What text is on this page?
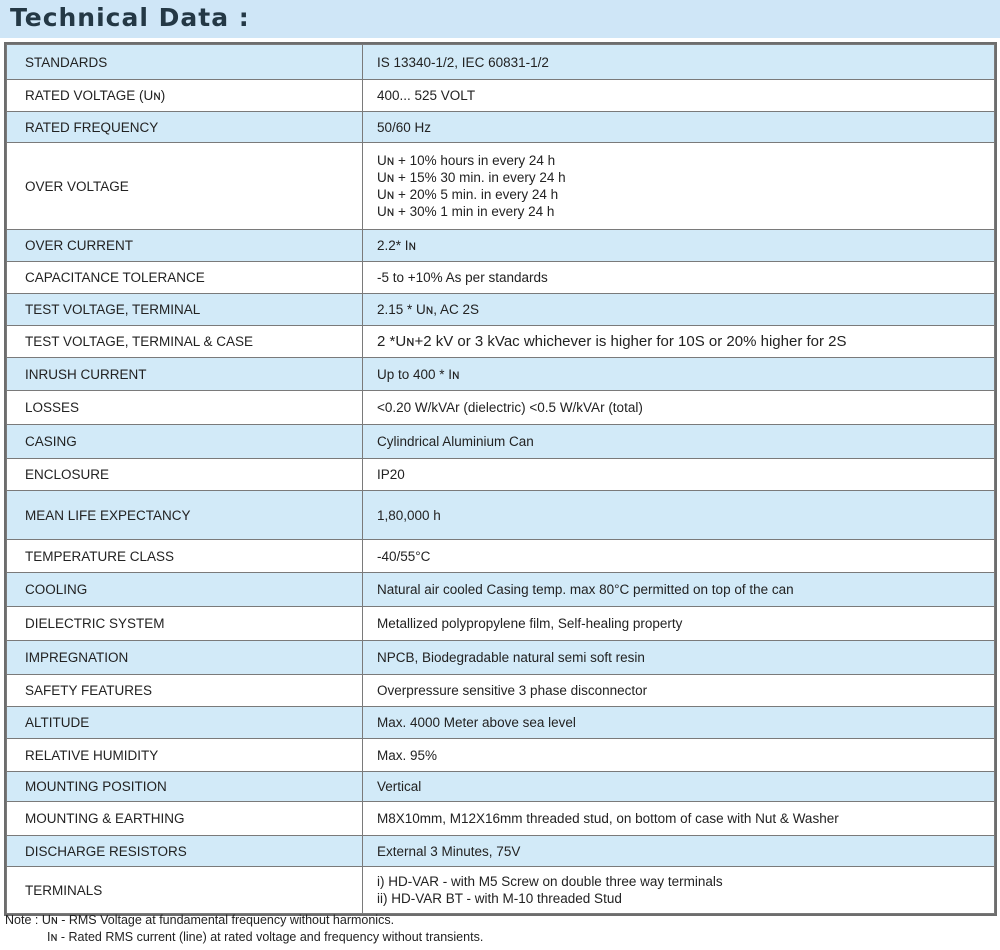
Technical Data :
STANDARDS	IS 13340-1/2, IEC 60831-1/2

RATED VOLTAGE (Uɴ)	400... 525 VOLT

RATED FREQUENCY	50/60 Hz

OVER VOLTAGE	Uɴ + 10% hours in every 24 h
Uɴ + 15% 30 min. in every 24 h
Uɴ + 20% 5 min. in every 24 h
Uɴ + 30% 1 min in every 24 h

OVER CURRENT	2.2* Iɴ

CAPACITANCE TOLERANCE	-5 to +10% As per standards

TEST VOLTAGE, TERMINAL	2.15 * Uɴ, AC 2S

TEST VOLTAGE, TERMINAL & CASE	2 *Uɴ+2 kV or 3 kVac whichever is higher for 10S or 20% higher for 2S

INRUSH CURRENT	Up to 400 * Iɴ

LOSSES	<0.20 W/kVAr (dielectric) <0.5 W/kVAr (total)

CASING	Cylindrical Aluminium Can

ENCLOSURE	IP20

MEAN LIFE EXPECTANCY	1,80,000 h

TEMPERATURE CLASS	-40/55°C

COOLING	Natural air cooled Casing temp. max 80°C permitted on top of the can

DIELECTRIC SYSTEM	Metallized polypropylene film, Self-healing property

IMPREGNATION	NPCB, Biodegradable natural semi soft resin

SAFETY FEATURES	Overpressure sensitive 3 phase disconnector

ALTITUDE	Max. 4000 Meter above sea level

RELATIVE HUMIDITY	Max. 95%

MOUNTING POSITION	Vertical

MOUNTING & EARTHING	M8X10mm, M12X16mm threaded stud, on bottom of case with Nut & Washer

DISCHARGE RESISTORS	External 3 Minutes, 75V

TERMINALS	i) HD-VAR - with M5 Screw on double three way terminals
ii) HD-VAR BT - with M-10 threaded Stud
Note : Uɴ - RMS Voltage at fundamental frequency without harmonics.
Iɴ - Rated RMS current (line) at rated voltage and frequency without transients.
